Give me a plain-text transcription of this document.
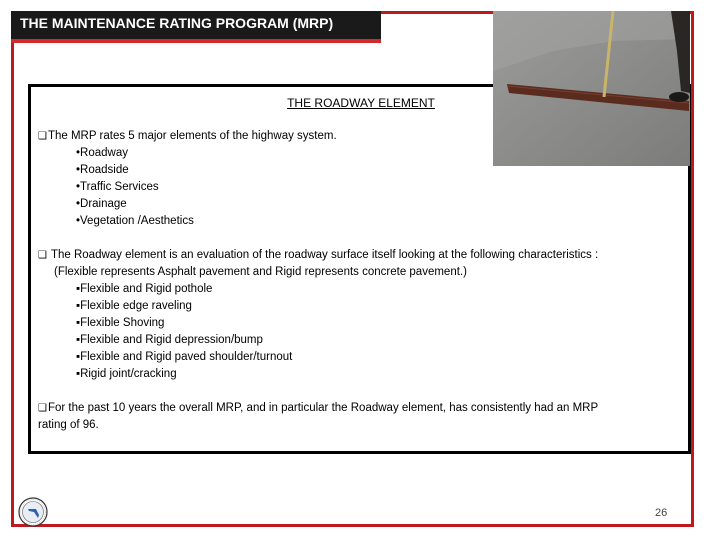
THE MAINTENANCE RATING PROGRAM (MRP)
THE ROADWAY ELEMENT
❑The MRP rates 5 major elements of the highway system.
•Roadway
•Roadside
•Traffic Services
•Drainage
•Vegetation /Aesthetics
❑ The Roadway element is an evaluation of the roadway surface itself looking at the following characteristics :
(Flexible represents Asphalt pavement and Rigid represents concrete pavement.)
▪Flexible and Rigid pothole
▪Flexible edge raveling
▪Flexible Shoving
▪Flexible and Rigid depression/bump
▪Flexible and Rigid paved shoulder/turnout
▪Rigid joint/cracking
❑For the past 10 years the overall MRP, and in particular the Roadway element, has consistently had an MRP
rating of 96.
26
